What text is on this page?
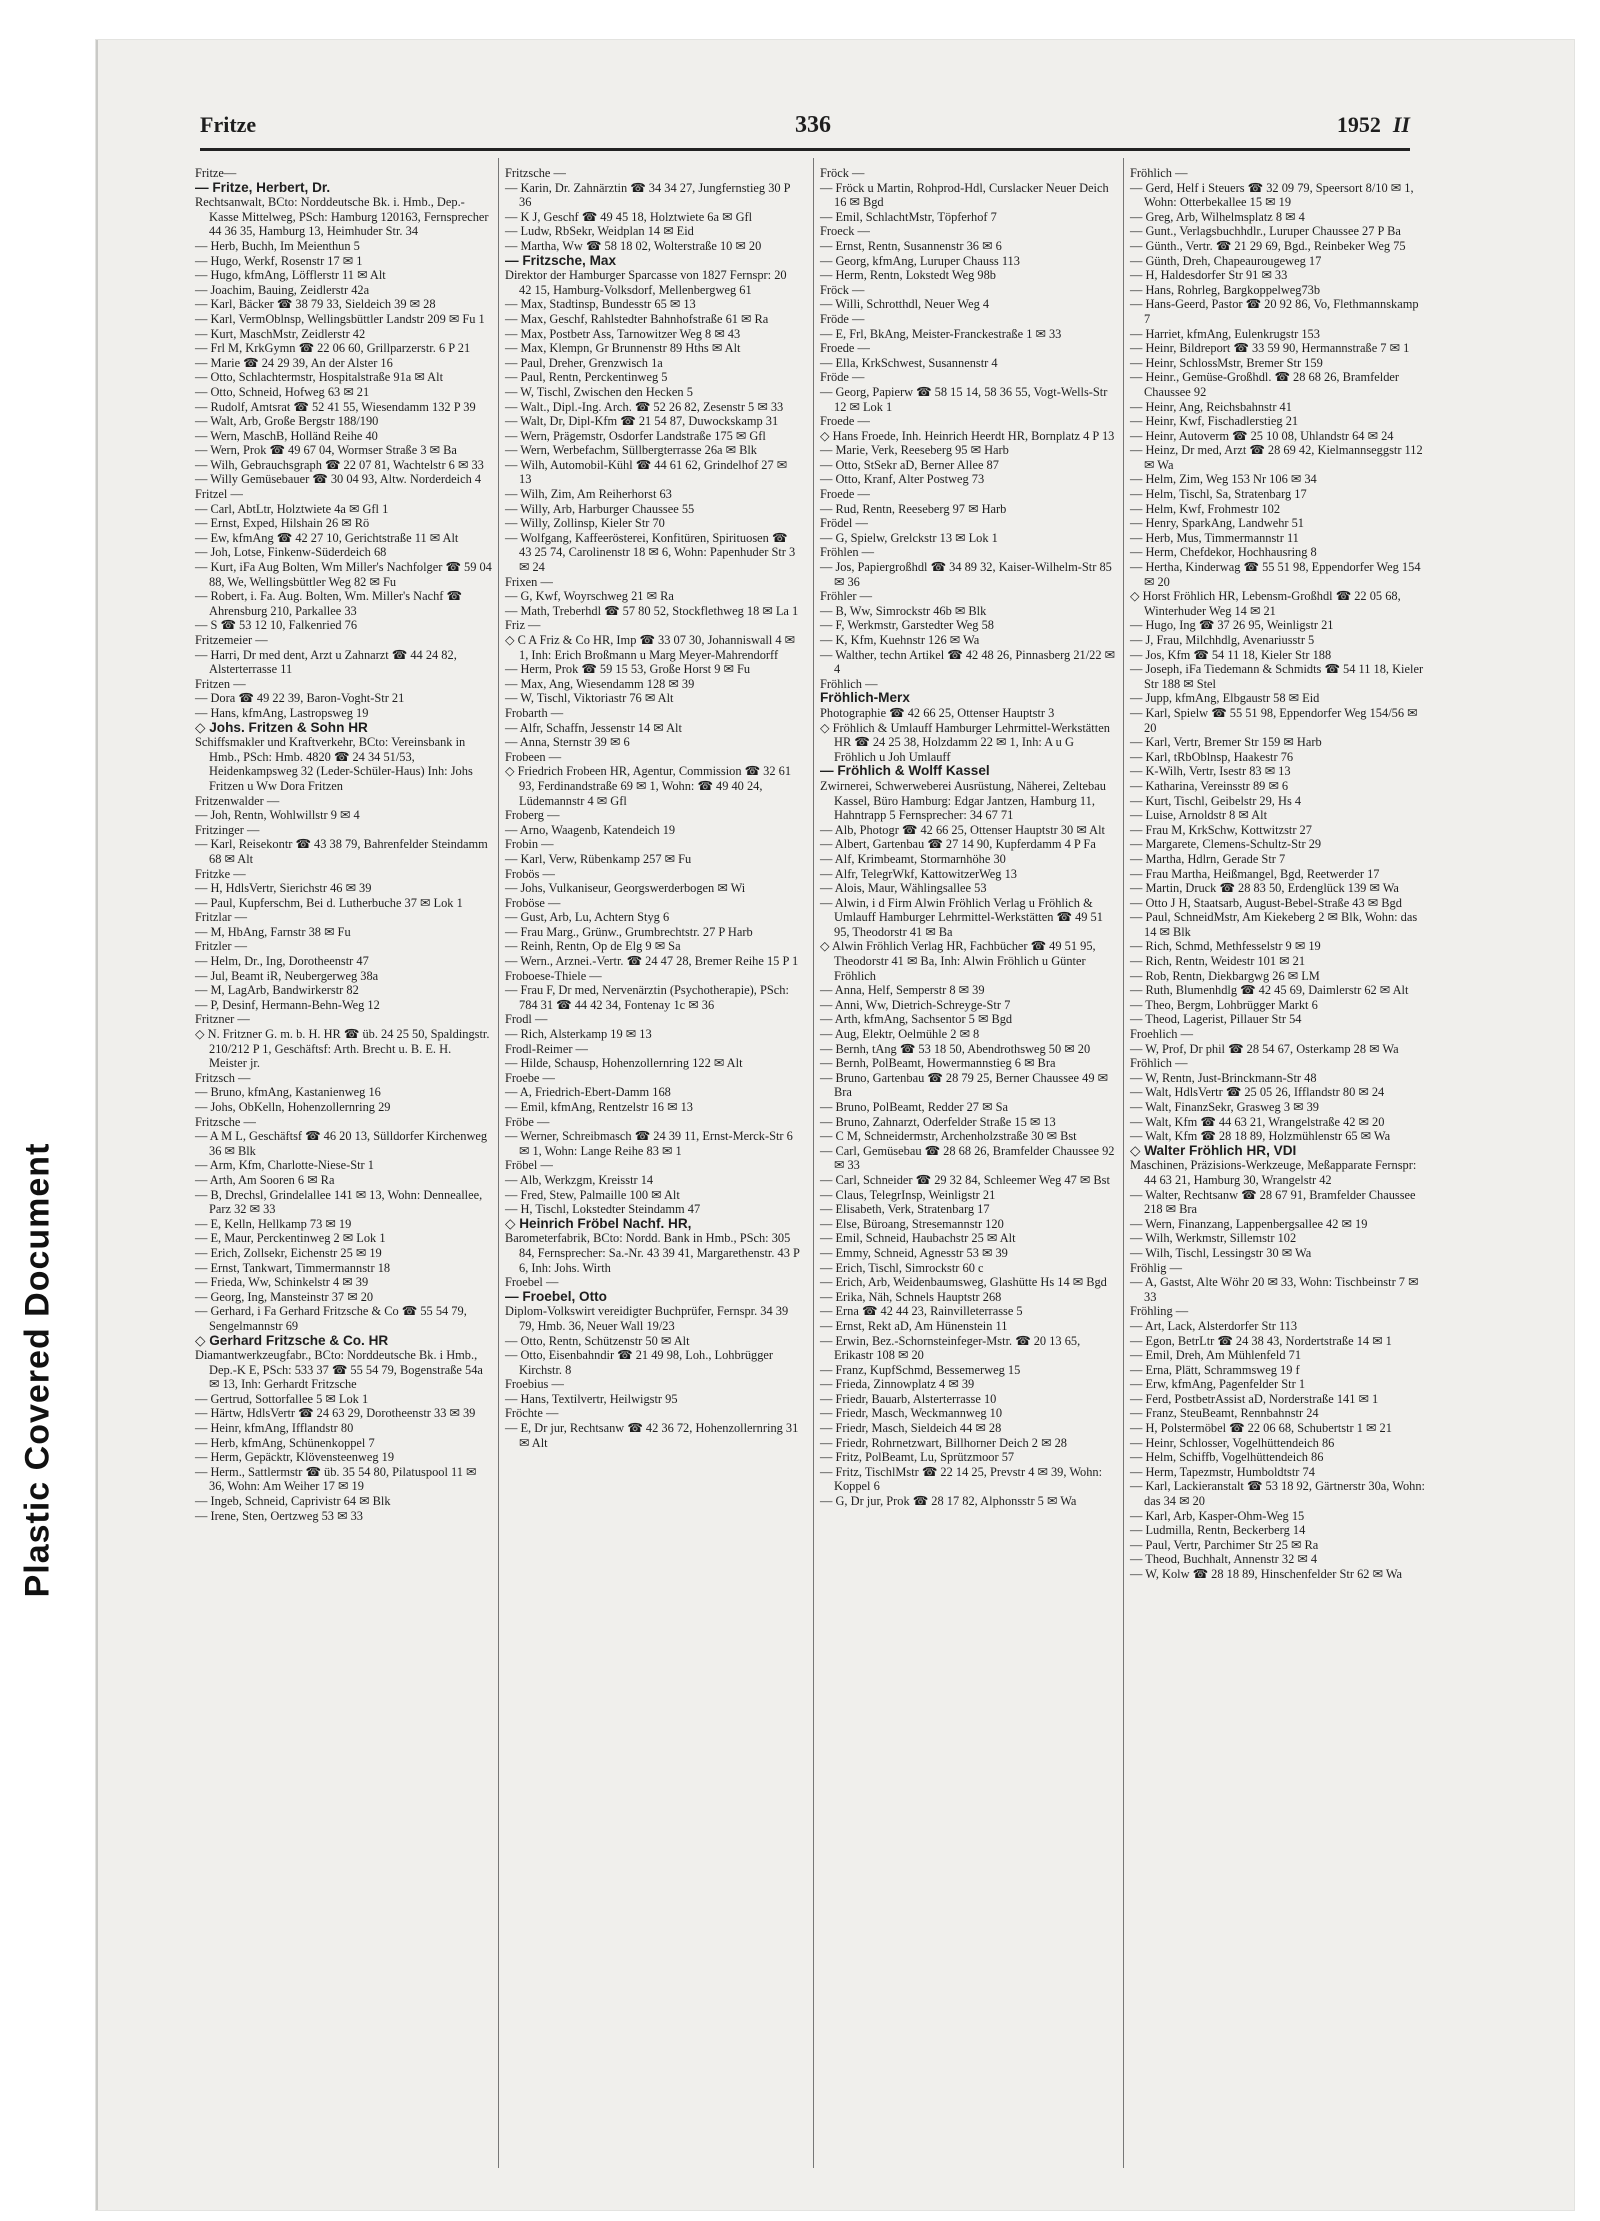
Plastic Covered Document
Fritze	336	1952 II

Fritze—

— Fritze, Herbert, Dr.

Rechtsanwalt, BCto: Norddeutsche Bk. i. Hmb., Dep.-Kasse Mittelweg, PSch: Hamburg 120163, Fernsprecher 44 36 35, Hamburg 13, Heimhuder Str. 34

— Herb, Buchh, Im Meienthun 5

— Hugo, Werkf, Rosenstr 17 ✉ 1

— Hugo, kfmAng, Löfflerstr 11 ✉ Alt

— Joachim, Bauing, Zeidlerstr 42a

— Karl, Bäcker ☎ 38 79 33, Sieldeich 39 ✉ 28

— Karl, VermOblnsp, Wellingsbüttler Landstr 209 ✉ Fu 1

— Kurt, MaschMstr, Zeidlerstr 42

— Frl M, KrkGymn ☎ 22 06 60, Grillparzerstr. 6 P 21

— Marie ☎ 24 29 39, An der Alster 16

— Otto, Schlachtermstr, Hospitalstraße 91a ✉ Alt

— Otto, Schneid, Hofweg 63 ✉ 21

— Rudolf, Amtsrat ☎ 52 41 55, Wiesendamm 132 P 39

— Walt, Arb, Große Bergstr 188/190

— Wern, MaschB, Holländ Reihe 40

— Wern, Prok ☎ 49 67 04, Wormser Straße 3 ✉ Ba

— Wilh, Gebrauchsgraph ☎ 22 07 81, Wachtelstr 6 ✉ 33

— Willy Gemüsebauer ☎ 30 04 93, Altw. Norderdeich 4

Fritzel —

— Carl, AbtLtr, Holztwiete 4a ✉ Gfl 1

— Ernst, Exped, Hilshain 26 ✉ Rö

— Ew, kfmAng ☎ 42 27 10, Gerichtstraße 11 ✉ Alt

— Joh, Lotse, Finkenw-Süderdeich 68

— Kurt, iFa Aug Bolten, Wm Miller's Nachfolger ☎ 59 04 88, We, Wellingsbüttler Weg 82 ✉ Fu

— Robert, i. Fa. Aug. Bolten, Wm. Miller's Nachf ☎ Ahrensburg 210, Parkallee 33

— S ☎ 53 12 10, Falkenried 76

Fritzemeier —

— Harri, Dr med dent, Arzt u Zahnarzt ☎ 44 24 82, Alsterterrasse 11

Fritzen —

— Dora ☎ 49 22 39, Baron-Voght-Str 21

— Hans, kfmAng, Lastropsweg 19

◇ Johs. Fritzen & Sohn HR

Schiffsmakler und Kraftverkehr, BCto: Vereinsbank in Hmb., PSch: Hmb. 4820 ☎ 24 34 51/53, Heidenkampsweg 32 (Leder-Schüler-Haus) Inh: Johs Fritzen u Ww Dora Fritzen

Fritzenwalder —

— Joh, Rentn, Wohlwillstr 9 ✉ 4

Fritzinger —

— Karl, Reisekontr ☎ 43 38 79, Bahrenfelder Steindamm 68 ✉ Alt

Fritzke —

— H, HdlsVertr, Sierichstr 46 ✉ 39

— Paul, Kupferschm, Bei d. Lutherbuche 37 ✉ Lok 1

Fritzlar —

— M, HbAng, Farnstr 38 ✉ Fu

Fritzler —

— Helm, Dr., Ing, Dorotheenstr 47

— Jul, Beamt iR, Neubergerweg 38a

— M, LagArb, Bandwirkerstr 82

— P, Desinf, Hermann-Behn-Weg 12

Fritzner —

◇ N. Fritzner G. m. b. H. HR ☎ üb. 24 25 50, Spaldingstr. 210/212 P 1, Geschäftsf: Arth. Brecht u. B. E. H. Meister jr.

Fritzsch —

— Bruno, kfmAng, Kastanienweg 16

— Johs, ObKelln, Hohenzollernring 29

Fritzsche —

— A M L, Geschäftsf ☎ 46 20 13, Sülldorfer Kirchenweg 36 ✉ Blk

— Arm, Kfm, Charlotte-Niese-Str 1

— Arth, Am Sooren 6 ✉ Ra

— B, Drechsl, Grindelallee 141 ✉ 13, Wohn: Denneallee, Parz 32 ✉ 33

— E, Kelln, Hellkamp 73 ✉ 19

— E, Maur, Perckentinweg 2 ✉ Lok 1

— Erich, Zollsekr, Eichenstr 25 ✉ 19

— Ernst, Tankwart, Timmermannstr 18

— Frieda, Ww, Schinkelstr 4 ✉ 39

— Georg, Ing, Mansteinstr 37 ✉ 20

— Gerhard, i Fa Gerhard Fritzsche & Co ☎ 55 54 79, Sengelmannstr 69

◇ Gerhard Fritzsche & Co. HR

Diamantwerkzeugfabr., BCto: Norddeutsche Bk. i Hmb., Dep.-K E, PSch: 533 37 ☎ 55 54 79, Bogenstraße 54a ✉ 13, Inh: Gerhardt Fritzsche

— Gertrud, Sottorfallee 5 ✉ Lok 1

— Härtw, HdlsVertr ☎ 24 63 29, Dorotheenstr 33 ✉ 39

— Heinr, kfmAng, Ifflandstr 80

— Herb, kfmAng, Schünenkoppel 7

— Herm, Gepäcktr, Klövensteenweg 19

— Herm., Sattlermstr ☎ üb. 35 54 80, Pilatuspool 11 ✉ 36, Wohn: Am Weiher 17 ✉ 19

— Ingeb, Schneid, Caprivistr 64 ✉ Blk

— Irene, Sten, Oertzweg 53 ✉ 33

Fritzsche —

— Karin, Dr. Zahnärztin ☎ 34 34 27, Jungfernstieg 30 P 36

— K J, Geschf ☎ 49 45 18, Holztwiete 6a ✉ Gfl

— Ludw, RbSekr, Weidplan 14 ✉ Eid

— Martha, Ww ☎ 58 18 02, Wolterstraße 10 ✉ 20

— Fritzsche, Max

Direktor der Hamburger Sparcasse von 1827 Fernspr: 20 42 15, Hamburg-Volksdorf, Mellenbergweg 61

— Max, Stadtinsp, Bundesstr 65 ✉ 13

— Max, Geschf, Rahlstedter Bahnhofstraße 61 ✉ Ra

— Max, Postbetr Ass, Tarnowitzer Weg 8 ✉ 43

— Max, Klempn, Gr Brunnenstr 89 Hths ✉ Alt

— Paul, Dreher, Grenzwisch 1a

— Paul, Rentn, Perckentinweg 5

— W, Tischl, Zwischen den Hecken 5

— Walt., Dipl.-Ing. Arch. ☎ 52 26 82, Zesenstr 5 ✉ 33

— Walt, Dr, Dipl-Kfm ☎ 21 54 87, Duwockskamp 31

— Wern, Prägemstr, Osdorfer Landstraße 175 ✉ Gfl

— Wern, Werbefachm, Süllbergterrasse 26a ✉ Blk

— Wilh, Automobil-Kühl ☎ 44 61 62, Grindelhof 27 ✉ 13

— Wilh, Zim, Am Reiherhorst 63

— Willy, Arb, Harburger Chaussee 55

— Willy, Zollinsp, Kieler Str 70

— Wolfgang, Kaffeerösterei, Konfitüren, Spirituosen ☎ 43 25 74, Carolinenstr 18 ✉ 6, Wohn: Papenhuder Str 3 ✉ 24

Frixen —

— G, Kwf, Woyrschweg 21 ✉ Ra

— Math, Treberhdl ☎ 57 80 52, Stockflethweg 18 ✉ La 1

Friz —

◇ C A Friz & Co HR, Imp ☎ 33 07 30, Johanniswall 4 ✉ 1, Inh: Erich Broßmann u Marg Meyer-Mahrendorff

— Herm, Prok ☎ 59 15 53, Große Horst 9 ✉ Fu

— Max, Ang, Wiesendamm 128 ✉ 39

— W, Tischl, Viktoriastr 76 ✉ Alt

Frobarth —

— Alfr, Schaffn, Jessenstr 14 ✉ Alt

— Anna, Sternstr 39 ✉ 6

Frobeen —

◇ Friedrich Frobeen HR, Agentur, Commission ☎ 32 61 93, Ferdinandstraße 69 ✉ 1, Wohn: ☎ 49 40 24, Lüdemannstr 4 ✉ Gfl

Froberg —

— Arno, Waagenb, Katendeich 19

Frobin —

— Karl, Verw, Rübenkamp 257 ✉ Fu

Frobös —

— Johs, Vulkaniseur, Georgswerderbogen ✉ Wi

Froböse —

— Gust, Arb, Lu, Achtern Styg 6

— Frau Marg., Grünw., Grumbrechtstr. 27 P Harb

— Reinh, Rentn, Op de Elg 9 ✉ Sa

— Wern., Arznei.-Vertr. ☎ 24 47 28, Bremer Reihe 15 P 1

Froboese-Thiele —

— Frau F, Dr med, Nervenärztin (Psychotherapie), PSch: 784 31 ☎ 44 42 34, Fontenay 1c ✉ 36

Frodl —

— Rich, Alsterkamp 19 ✉ 13

Frodl-Reimer —

— Hilde, Schausp, Hohenzollernring 122 ✉ Alt

Froebe —

— A, Friedrich-Ebert-Damm 168

— Emil, kfmAng, Rentzelstr 16 ✉ 13

Fröbe —

— Werner, Schreibmasch ☎ 24 39 11, Ernst-Merck-Str 6 ✉ 1, Wohn: Lange Reihe 83 ✉ 1

Fröbel —

— Alb, Werkzgm, Kreisstr 14

— Fred, Stew, Palmaille 100 ✉ Alt

— H, Tischl, Lokstedter Steindamm 47

◇ Heinrich Fröbel Nachf. HR,

Barometerfabrik, BCto: Nordd. Bank in Hmb., PSch: 305 84, Fernsprecher: Sa.-Nr. 43 39 41, Margarethenstr. 43 P 6, Inh: Johs. Wirth

Froebel —

— Froebel, Otto

Diplom-Volkswirt vereidigter Buchprüfer, Fernspr. 34 39 79, Hmb. 36, Neuer Wall 19/23

— Otto, Rentn, Schützenstr 50 ✉ Alt

— Otto, Eisenbahndir ☎ 21 49 98, Loh., Lohbrügger Kirchstr. 8

Froebius —

— Hans, Textilvertr, Heilwigstr 95

Fröchte —

— E, Dr jur, Rechtsanw ☎ 42 36 72, Hohenzollernring 31 ✉ Alt

Fröck —

— Fröck u Martin, Rohprod-Hdl, Curslacker Neuer Deich 16 ✉ Bgd

— Emil, SchlachtMstr, Töpferhof 7

Froeck —

— Ernst, Rentn, Susannenstr 36 ✉ 6

— Georg, kfmAng, Luruper Chauss 113

— Herm, Rentn, Lokstedt Weg 98b

Fröck —

— Willi, Schrotthdl, Neuer Weg 4

Fröde —

— E, Frl, BkAng, Meister-Franckestraße 1 ✉ 33

Froede —

— Ella, KrkSchwest, Susannenstr 4

Fröde —

— Georg, Papierw ☎ 58 15 14, 58 36 55, Vogt-Wells-Str 12 ✉ Lok 1

Froede —

◇ Hans Froede, Inh. Heinrich Heerdt HR, Bornplatz 4 P 13

— Marie, Verk, Reeseberg 95 ✉ Harb

— Otto, StSekr aD, Berner Allee 87

— Otto, Kranf, Alter Postweg 73

Froede —

— Rud, Rentn, Reeseberg 97 ✉ Harb

Frödel —

— G, Spielw, Grelckstr 13 ✉ Lok 1

Fröhlen —

— Jos, Papiergroßhdl ☎ 34 89 32, Kaiser-Wilhelm-Str 85 ✉ 36

Fröhler —

— B, Ww, Simrockstr 46b ✉ Blk

— F, Werkmstr, Garstedter Weg 58

— K, Kfm, Kuehnstr 126 ✉ Wa

— Walther, techn Artikel ☎ 42 48 26, Pinnasberg 21/22 ✉ 4

Fröhlich —

Fröhlich-Merx

Photographie ☎ 42 66 25, Ottenser Hauptstr 3

◇ Fröhlich & Umlauff Hamburger Lehrmittel-Werkstätten HR ☎ 24 25 38, Holzdamm 22 ✉ 1, Inh: A u G Fröhlich u Joh Umlauff

— Fröhlich & Wolff Kassel

Zwirnerei, Schwerweberei Ausrüstung, Näherei, Zeltebau Kassel, Büro Hamburg: Edgar Jantzen, Hamburg 11, Hahntrapp 5 Fernsprecher: 34 67 71

— Alb, Photogr ☎ 42 66 25, Ottenser Hauptstr 30 ✉ Alt

— Albert, Gartenbau ☎ 27 14 90, Kupferdamm 4 P Fa

— Alf, Krimbeamt, Stormarnhöhe 30

— Alfr, TelegrWkf, KattowitzerWeg 13

— Alois, Maur, Wählingsallee 53

— Alwin, i d Firm Alwin Fröhlich Verlag u Fröhlich & Umlauff Hamburger Lehrmittel-Werkstätten ☎ 49 51 95, Theodorstr 41 ✉ Ba

◇ Alwin Fröhlich Verlag HR, Fachbücher ☎ 49 51 95, Theodorstr 41 ✉ Ba, Inh: Alwin Fröhlich u Günter Fröhlich

— Anna, Helf, Semperstr 8 ✉ 39

— Anni, Ww, Dietrich-Schreyge-Str 7

— Arth, kfmAng, Sachsentor 5 ✉ Bgd

— Aug, Elektr, Oelmühle 2 ✉ 8

— Bernh, tAng ☎ 53 18 50, Abendrothsweg 50 ✉ 20

— Bernh, PolBeamt, Howermannstieg 6 ✉ Bra

— Bruno, Gartenbau ☎ 28 79 25, Berner Chaussee 49 ✉ Bra

— Bruno, PolBeamt, Redder 27 ✉ Sa

— Bruno, Zahnarzt, Oderfelder Straße 15 ✉ 13

— C M, Schneidermstr, Archenholzstraße 30 ✉ Bst

— Carl, Gemüsebau ☎ 28 68 26, Bramfelder Chaussee 92 ✉ 33

— Carl, Schneider ☎ 29 32 84, Schleemer Weg 47 ✉ Bst

— Claus, TelegrInsp, Weinligstr 21

— Elisabeth, Verk, Stratenbarg 17

— Else, Büroang, Stresemannstr 120

— Emil, Schneid, Haubachstr 25 ✉ Alt

— Emmy, Schneid, Agnesstr 53 ✉ 39

— Erich, Tischl, Simrockstr 60 c

— Erich, Arb, Weidenbaumsweg, Glashütte Hs 14 ✉ Bgd

— Erika, Näh, Schnels Hauptstr 268

— Erna ☎ 42 44 23, Rainvilleterrasse 5

— Ernst, Rekt aD, Am Hünenstein 11

— Erwin, Bez.-Schornsteinfeger-Mstr. ☎ 20 13 65, Erikastr 108 ✉ 20

— Franz, KupfSchmd, Bessemerweg 15

— Frieda, Zinnowplatz 4 ✉ 39

— Friedr, Bauarb, Alsterterrasse 10

— Friedr, Masch, Weckmannweg 10

— Friedr, Masch, Sieldeich 44 ✉ 28

— Friedr, Rohrnetzwart, Billhorner Deich 2 ✉ 28

— Fritz, PolBeamt, Lu, Sprützmoor 57

— Fritz, TischlMstr ☎ 22 14 25, Prevstr 4 ✉ 39, Wohn: Koppel 6

— G, Dr jur, Prok ☎ 28 17 82, Alphonsstr 5 ✉ Wa

Fröhlich —

— Gerd, Helf i Steuers ☎ 32 09 79, Speersort 8/10 ✉ 1, Wohn: Otterbekallee 15 ✉ 19

— Greg, Arb, Wilhelmsplatz 8 ✉ 4

— Gunt., Verlagsbuchhdlr., Luruper Chaussee 27 P Ba

— Günth., Vertr. ☎ 21 29 69, Bgd., Reinbeker Weg 75

— Günth, Dreh, Chapeaurougeweg 17

— H, Haldesdorfer Str 91 ✉ 33

— Hans, Rohrleg, Bargkoppelweg73b

— Hans-Geerd, Pastor ☎ 20 92 86, Vo, Flethmannskamp 7

— Harriet, kfmAng, Eulenkrugstr 153

— Heinr, Bildreport ☎ 33 59 90, Hermannstraße 7 ✉ 1

— Heinr, SchlossMstr, Bremer Str 159

— Heinr., Gemüse-Großhdl. ☎ 28 68 26, Bramfelder Chaussee 92

— Heinr, Ang, Reichsbahnstr 41

— Heinr, Kwf, Fischadlerstieg 21

— Heinr, Autoverm ☎ 25 10 08, Uhlandstr 64 ✉ 24

— Heinz, Dr med, Arzt ☎ 28 69 42, Kielmannseggstr 112 ✉ Wa

— Helm, Zim, Weg 153 Nr 106 ✉ 34

— Helm, Tischl, Sa, Stratenbarg 17

— Helm, Kwf, Frohmestr 102

— Henry, SparkAng, Landwehr 51

— Herb, Mus, Timmermannstr 11

— Herm, Chefdekor, Hochhausring 8

— Hertha, Kinderwag ☎ 55 51 98, Eppendorfer Weg 154 ✉ 20

◇ Horst Fröhlich HR, Lebensm-Großhdl ☎ 22 05 68, Winterhuder Weg 14 ✉ 21

— Hugo, Ing ☎ 37 26 95, Weinligstr 21

— J, Frau, Milchhdlg, Avenariusstr 5

— Jos, Kfm ☎ 54 11 18, Kieler Str 188

— Joseph, iFa Tiedemann & Schmidts ☎ 54 11 18, Kieler Str 188 ✉ Stel

— Jupp, kfmAng, Elbgaustr 58 ✉ Eid

— Karl, Spielw ☎ 55 51 98, Eppendorfer Weg 154/56 ✉ 20

— Karl, Vertr, Bremer Str 159 ✉ Harb

— Karl, tRbOblnsp, Haakestr 76

— K-Wilh, Vertr, Isestr 83 ✉ 13

— Katharina, Vereinsstr 89 ✉ 6

— Kurt, Tischl, Geibelstr 29, Hs 4

— Luise, Arnoldstr 8 ✉ Alt

— Frau M, KrkSchw, Kottwitzstr 27

— Margarete, Clemens-Schultz-Str 29

— Martha, Hdlrn, Gerade Str 7

— Frau Martha, Heißmangel, Bgd, Reetwerder 17

— Martin, Druck ☎ 28 83 50, Erdenglück 139 ✉ Wa

— Otto J H, Staatsarb, August-Bebel-Straße 43 ✉ Bgd

— Paul, SchneidMstr, Am Kiekeberg 2 ✉ Blk, Wohn: das 14 ✉ Blk

— Rich, Schmd, Methfesselstr 9 ✉ 19

— Rich, Rentn, Weidestr 101 ✉ 21

— Rob, Rentn, Diekbargwg 26 ✉ LM

— Ruth, Blumenhdlg ☎ 42 45 69, Daimlerstr 62 ✉ Alt

— Theo, Bergm, Lohbrügger Markt 6

— Theod, Lagerist, Pillauer Str 54

Froehlich —

— W, Prof, Dr phil ☎ 28 54 67, Osterkamp 28 ✉ Wa

Fröhlich —

— W, Rentn, Just-Brinckmann-Str 48

— Walt, HdlsVertr ☎ 25 05 26, Ifflandstr 80 ✉ 24

— Walt, FinanzSekr, Grasweg 3 ✉ 39

— Walt, Kfm ☎ 44 63 21, Wrangelstraße 42 ✉ 20

— Walt, Kfm ☎ 28 18 89, Holzmühlenstr 65 ✉ Wa

◇ Walter Fröhlich HR, VDI

Maschinen, Präzisions-Werkzeuge, Meßapparate Fernspr: 44 63 21, Hamburg 30, Wrangelstr 42

— Walter, Rechtsanw ☎ 28 67 91, Bramfelder Chaussee 218 ✉ Bra

— Wern, Finanzang, Lappenbergsallee 42 ✉ 19

— Wilh, Werkmstr, Sillemstr 102

— Wilh, Tischl, Lessingstr 30 ✉ Wa

Fröhlig —

— A, Gastst, Alte Wöhr 20 ✉ 33, Wohn: Tischbeinstr 7 ✉ 33

Fröhling —

— Art, Lack, Alsterdorfer Str 113

— Egon, BetrLtr ☎ 24 38 43, Nordertstraße 14 ✉ 1

— Emil, Dreh, Am Mühlenfeld 71

— Erna, Plätt, Schrammsweg 19 f

— Erw, kfmAng, Pagenfelder Str 1

— Ferd, PostbetrAssist aD, Norderstraße 141 ✉ 1

— Franz, SteuBeamt, Rennbahnstr 24

— H, Polstermöbel ☎ 22 06 68, Schubertstr 1 ✉ 21

— Heinr, Schlosser, Vogelhüttendeich 86

— Helm, Schiffb, Vogelhüttendeich 86

— Herm, Tapezmstr, Humboldtstr 74

— Karl, Lackieranstalt ☎ 53 18 92, Gärtnerstr 30a, Wohn: das 34 ✉ 20

— Karl, Arb, Kasper-Ohm-Weg 15

— Ludmilla, Rentn, Beckerberg 14

— Paul, Vertr, Parchimer Str 25 ✉ Ra

— Theod, Buchhalt, Annenstr 32 ✉ 4

— W, Kolw ☎ 28 18 89, Hinschenfelder Str 62 ✉ Wa
